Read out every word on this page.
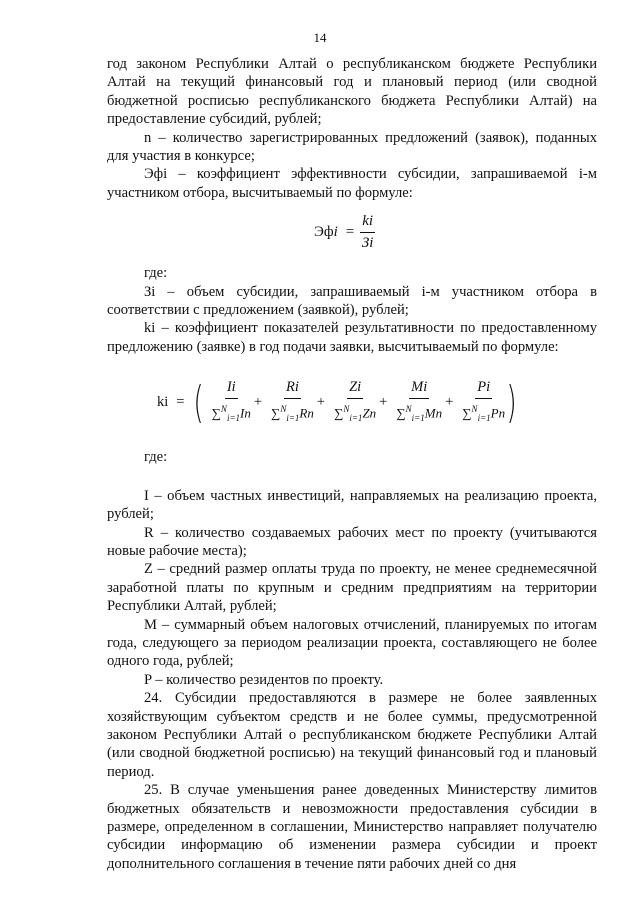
14

год законом Республики Алтай о республиканском бюджете Республики Алтай на текущий финансовый год и плановый период (или сводной бюджетной росписью республиканского бюджета Республики Алтай) на предоставление субсидий, рублей;

n – количество зарегистрированных предложений (заявок), поданных для участия в конкурсе;

Эфi – коэффициент эффективности субсидии, запрашиваемой i-м участником отбора, высчитываемый по формуле:

Эф $i = \frac{ki}{Зi}$

где:

Зi – объем субсидии, запрашиваемый i-м участником отбора в соответствии с предложением (заявкой), рублей;

ki – коэффициент показателей результативности по предоставленному предложению (заявке) в год подачи заявки, высчитываемый по формуле:

ki = ( $\frac{Ii}{\sum^N_{i=1}In} + \frac{Ri}{\sum^N_{i=1}Rn} + \frac{Zi}{\sum^N_{i=1}Zn} + \frac{Mi}{\sum^N_{i=1}Mn} + \frac{Pi}{\sum^N_{i=1}Pn}$ )

где:

I – объем частных инвестиций, направляемых на реализацию проекта, рублей;

R – количество создаваемых рабочих мест по проекту (учитываются новые рабочие места);

Z – средний размер оплаты труда по проекту, не менее среднемесячной заработной платы по крупным и средним предприятиям на территории Республики Алтай, рублей;

M – суммарный объем налоговых отчислений, планируемых по итогам года, следующего за периодом реализации проекта, составляющего не более одного года, рублей;

P – количество резидентов по проекту.

24. Субсидии предоставляются в размере не более заявленных хозяйствующим субъектом средств и не более суммы, предусмотренной законом Республики Алтай о республиканском бюджете Республики Алтай (или сводной бюджетной росписью) на текущий финансовый год и плановый период.

25. В случае уменьшения ранее доведенных Министерству лимитов бюджетных обязательств и невозможности предоставления субсидии в размере, определенном в соглашении, Министерство направляет получателю субсидии информацию об изменении размера субсидии и проект дополнительного соглашения в течение пяти рабочих дней со дня
